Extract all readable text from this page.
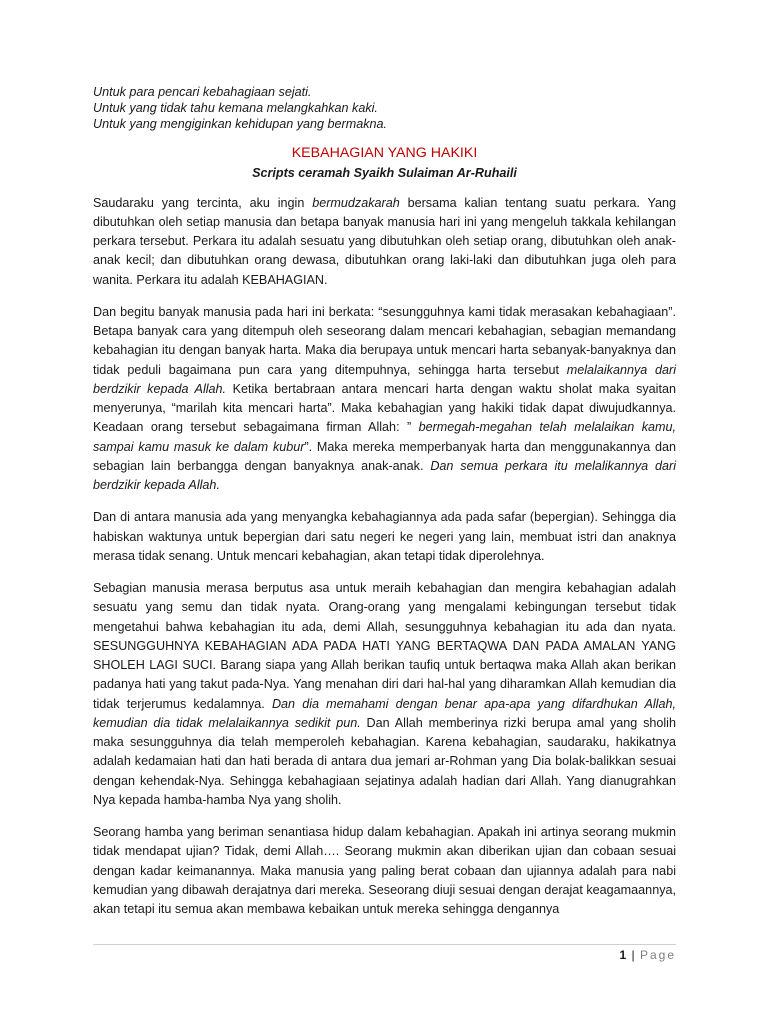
Untuk para pencari kebahagiaan sejati.
Untuk yang tidak tahu kemana melangkahkan kaki.
Untuk yang mengiginkan kehidupan yang bermakna.
KEBAHAGIAN YANG HAKIKI
Scripts ceramah Syaikh Sulaiman Ar-Ruhaili

Saudaraku yang tercinta, aku ingin bermudzakarah bersama kalian tentang suatu perkara. Yang dibutuhkan oleh setiap manusia dan betapa banyak manusia hari ini yang mengeluh takkala kehilangan perkara tersebut. Perkara itu adalah sesuatu yang dibutuhkan oleh setiap orang, dibutuhkan oleh anak-anak kecil; dan dibutuhkan orang dewasa, dibutuhkan orang laki-laki dan dibutuhkan juga oleh para wanita. Perkara itu adalah KEBAHAGIAN.

Dan begitu banyak manusia pada hari ini berkata: “sesungguhnya kami tidak merasakan kebahagiaan”. Betapa banyak cara yang ditempuh oleh seseorang dalam mencari kebahagian, sebagian memandang kebahagian itu dengan banyak harta. Maka dia berupaya untuk mencari harta sebanyak-banyaknya dan tidak peduli bagaimana pun cara yang ditempuhnya, sehingga harta tersebut melalaikannya dari berdzikir kepada Allah. Ketika bertabraan antara mencari harta dengan waktu sholat maka syaitan menyerunya, “marilah kita mencari harta”. Maka kebahagian yang hakiki tidak dapat diwujudkannya. Keadaan orang tersebut sebagaimana firman Allah: ” bermegah-megahan telah melalaikan kamu, sampai kamu masuk ke dalam kubur”. Maka mereka memperbanyak harta dan menggunakannya dan sebagian lain berbangga dengan banyaknya anak-anak. Dan semua perkara itu melalikannya dari berdzikir kepada Allah.

Dan di antara manusia ada yang menyangka kebahagiannya ada pada safar (bepergian). Sehingga dia habiskan waktunya untuk bepergian dari satu negeri ke negeri yang lain, membuat istri dan anaknya merasa tidak senang. Untuk mencari kebahagian, akan tetapi tidak diperolehnya.

Sebagian manusia merasa berputus asa untuk meraih kebahagian dan mengira kebahagian adalah sesuatu yang semu dan tidak nyata. Orang-orang yang mengalami kebingungan tersebut tidak mengetahui bahwa kebahagian itu ada, demi Allah, sesungguhnya kebahagian itu ada dan nyata. SESUNGGUHNYA KEBAHAGIAN ADA PADA HATI YANG BERTAQWA DAN PADA AMALAN YANG SHOLEH LAGI SUCI. Barang siapa yang Allah berikan taufiq untuk bertaqwa maka Allah akan berikan padanya hati yang takut pada-Nya. Yang menahan diri dari hal-hal yang diharamkan Allah kemudian dia tidak terjerumus kedalamnya. Dan dia memahami dengan benar apa-apa yang difardhukan Allah, kemudian dia tidak melalaikannya sedikit pun. Dan Allah memberinya rizki berupa amal yang sholih maka sesungguhnya dia telah memperoleh kebahagian. Karena kebahagian, saudaraku, hakikatnya adalah kedamaian hati dan hati berada di antara dua jemari ar-Rohman yang Dia bolak-balikkan sesuai dengan kehendak-Nya. Sehingga kebahagiaan sejatinya adalah hadian dari Allah. Yang dianugrahkan Nya kepada hamba-hamba Nya yang sholih.

Seorang hamba yang beriman senantiasa hidup dalam kebahagian. Apakah ini artinya seorang mukmin tidak mendapat ujian? Tidak, demi Allah…. Seorang mukmin akan diberikan ujian dan cobaan sesuai dengan kadar keimanannya. Maka manusia yang paling berat cobaan dan ujiannya adalah para nabi kemudian yang dibawah derajatnya dari mereka. Seseorang diuji sesuai dengan derajat keagamaannya, akan tetapi itu semua akan membawa kebaikan untuk mereka sehingga dengannya

1 | Page
